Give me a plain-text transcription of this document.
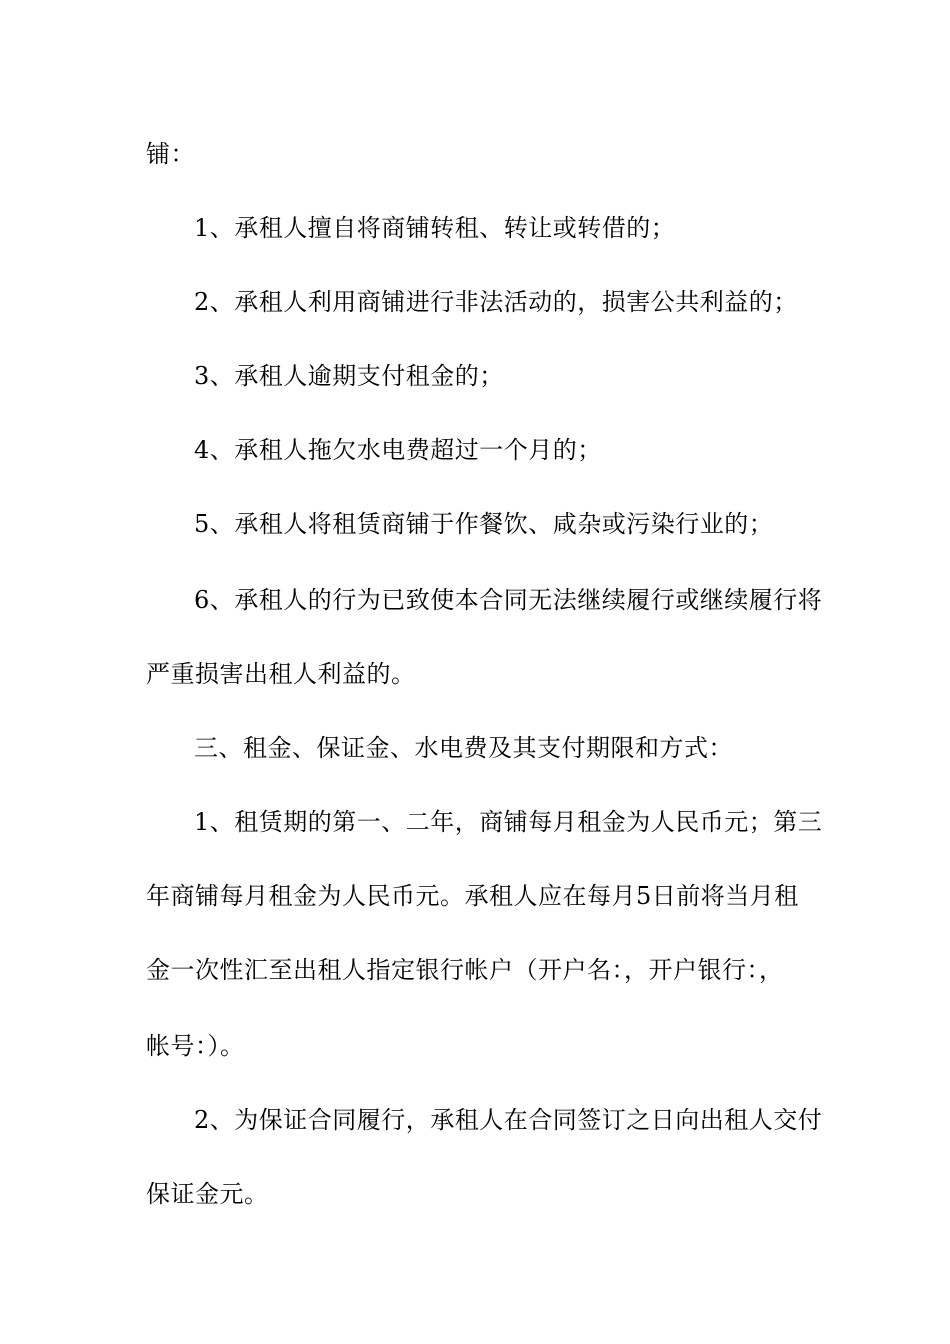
铺：
1、承租人擅自将商铺转租、转让或转借的；
2、承租人利用商铺进行非法活动的，损害公共利益的；
3、承租人逾期支付租金的；
4、承租人拖欠水电费超过一个月的；
5、承租人将租赁商铺于作餐饮、咸杂或污染行业的；
6、承租人的行为已致使本合同无法继续履行或继续履行将
严重损害出租人利益的。
三、租金、保证金、水电费及其支付期限和方式：
1、租赁期的第一、二年，商铺每月租金为人民币元；第三
年商铺每月租金为人民币元。承租人应在每月5日前将当月租
金一次性汇至出租人指定银行帐户（开户名：，开户银行：，
帐号：）。
2、为保证合同履行，承租人在合同签订之日向出租人交付
保证金元。
